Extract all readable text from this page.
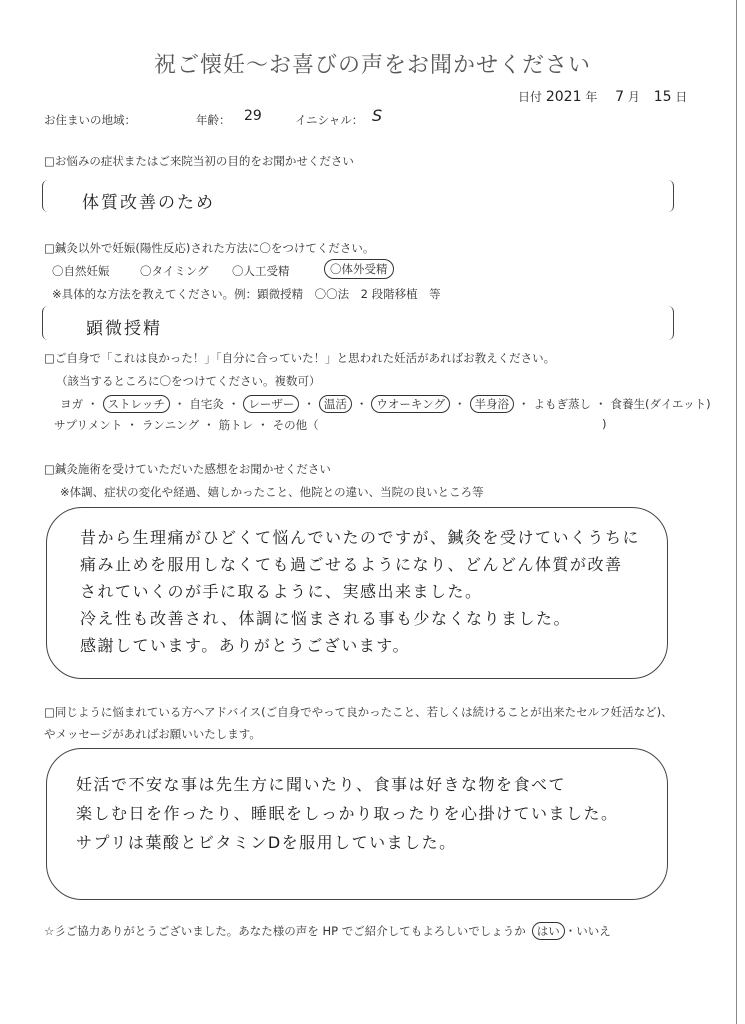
祝ご懐妊～お喜びの声をお聞かせください
日付 2021 年 7 月 15 日
お住まいの地域：	年齢： 29	イニシャル： S
□お悩みの症状またはご来院当初の目的をお聞かせください
体質改善のため
□鍼灸以外で妊娠(陽性反応)された方法に〇をつけてください。
〇自然妊娠	〇タイミング 〇人工受精	〇体外受精
※具体的な方法を教えてください。例：顕微授精　〇〇法　2 段階移植　等
顕微授精
□ご自身で「これは良かった！」「自分に合っていた！」と思われた妊活があればお教えください。
（該当するところに〇をつけてください。複数可）
ヨガ ・ ストレッチ ・ 自宅灸 ・ レーザー ・ 温活 ・ ウオーキング ・ 半身浴 ・ よもぎ蒸し ・ 食養生(ダイエット)
サプリメント ・ ランニング ・ 筋トレ ・ その他（	)
□鍼灸施術を受けていただいた感想をお聞かせください
※体調、症状の変化や経過、嬉しかったこと、他院との違い、当院の良いところ等
昔から生理痛がひどくて悩んでいたのですが、鍼灸を受けていくうちに
痛み止めを服用しなくても過ごせるようになり、どんどん体質が改善
されていくのが手に取るように、実感出来ました。
冷え性も改善され、体調に悩まされる事も少なくなりました。
感謝しています。ありがとうございます。
□同じように悩まれている方へアドバイス(ご自身でやって良かったこと、若しくは続けることが出来たセルフ妊活など)、
やメッセージがあればお願いいたします。
妊活で不安な事は先生方に聞いたり、食事は好きな物を食べて
楽しむ日を作ったり、睡眠をしっかり取ったりを心掛けていました。
サプリは葉酸とビタミンDを服用していました。
☆彡ご協力ありがとうございました。あなた様の声を HP でご紹介してもよろしいでしょうか はい ・ いいえ
